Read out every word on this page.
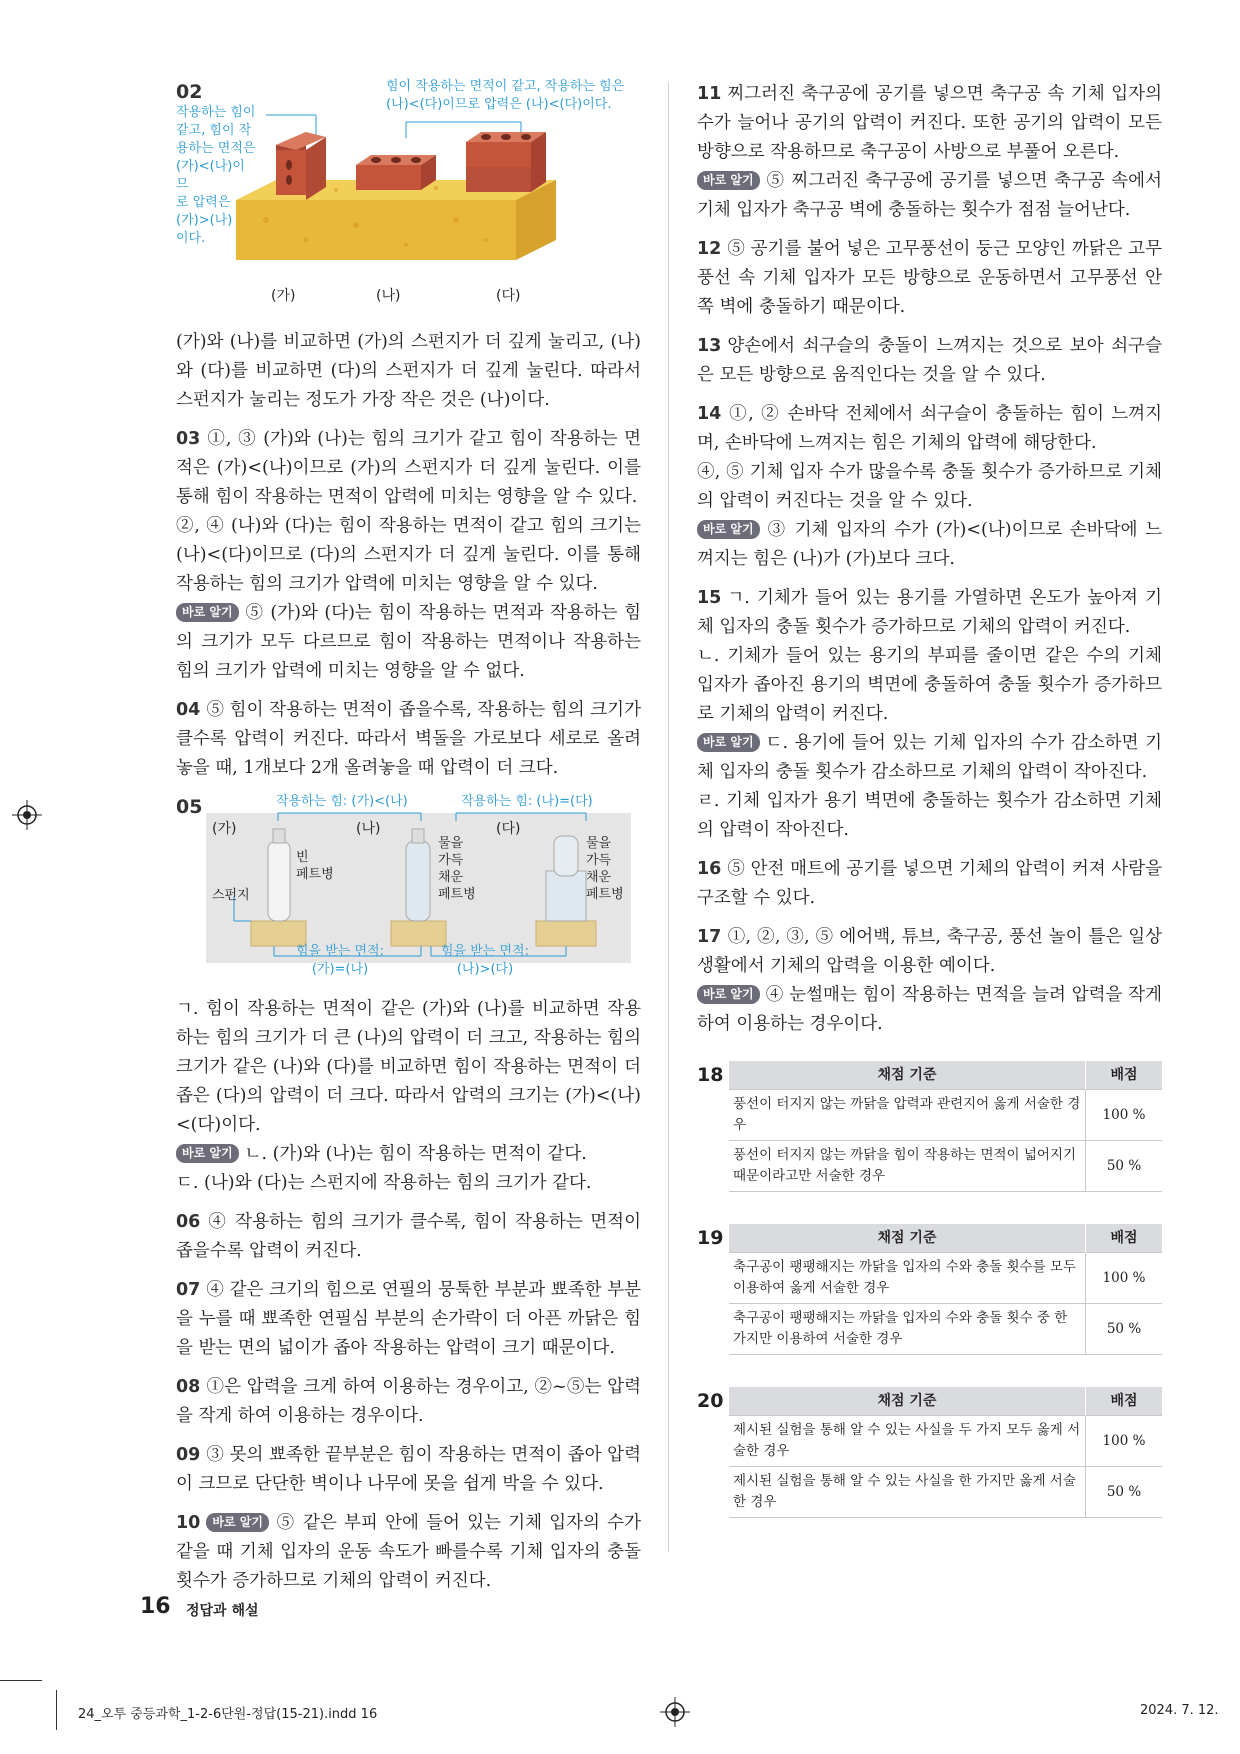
02
작용하는 힘이
같고, 힘이 작
용하는 면적은
(가)<(나)이므
로 압력은
(가)>(나)
이다.
힘이 작용하는 면적이 같고, 작용하는 힘은
(나)<(다)이므로 압력은 (나)<(다)이다.
(가)	(나)	(다)

(가)와 (나)를 비교하면 (가)의 스펀지가 더 깊게 눌리고, (나)와 (다)를 비교하면 (다)의 스펀지가 더 깊게 눌린다. 따라서 스펀지가 눌리는 정도가 가장 작은 것은 (나)이다.

03 ①, ③ (가)와 (나)는 힘의 크기가 같고 힘이 작용하는 면적은 (가)<(나)이므로 (가)의 스펀지가 더 깊게 눌린다. 이를 통해 힘이 작용하는 면적이 압력에 미치는 영향을 알 수 있다.

②, ④ (나)와 (다)는 힘이 작용하는 면적이 같고 힘의 크기는 (나)<(다)이므로 (다)의 스펀지가 더 깊게 눌린다. 이를 통해 작용하는 힘의 크기가 압력에 미치는 영향을 알 수 있다.

바로 알기 ⑤ (가)와 (다)는 힘이 작용하는 면적과 작용하는 힘의 크기가 모두 다르므로 힘이 작용하는 면적이나 작용하는 힘의 크기가 압력에 미치는 영향을 알 수 없다.

04 ⑤ 힘이 작용하는 면적이 좁을수록, 작용하는 힘의 크기가 클수록 압력이 커진다. 따라서 벽돌을 가로보다 세로로 올려놓을 때, 1개보다 2개 올려놓을 때 압력이 더 크다.

05	작용하는 힘: (가)<(나)	작용하는 힘: (나)=(다)
(가)	(나)	(다)
빈
페트병
스펀지
물을
가득
채운
페트병
물을
가득
채운
페트병
힘을 받는 면적:
(가)=(나)
힘을 받는 면적:
(나)>(다)

ㄱ. 힘이 작용하는 면적이 같은 (가)와 (나)를 비교하면 작용하는 힘의 크기가 더 큰 (나)의 압력이 더 크고, 작용하는 힘의 크기가 같은 (나)와 (다)를 비교하면 힘이 작용하는 면적이 더 좁은 (다)의 압력이 더 크다. 따라서 압력의 크기는 (가)<(나)<(다)이다.

바로 알기 ㄴ. (가)와 (나)는 힘이 작용하는 면적이 같다.

ㄷ. (나)와 (다)는 스펀지에 작용하는 힘의 크기가 같다.

06 ④ 작용하는 힘의 크기가 클수록, 힘이 작용하는 면적이 좁을수록 압력이 커진다.

07 ④ 같은 크기의 힘으로 연필의 뭉툭한 부분과 뾰족한 부분을 누를 때 뾰족한 연필심 부분의 손가락이 더 아픈 까닭은 힘을 받는 면의 넓이가 좁아 작용하는 압력이 크기 때문이다.

08 ①은 압력을 크게 하여 이용하는 경우이고, ②~⑤는 압력을 작게 하여 이용하는 경우이다.

09 ③ 못의 뾰족한 끝부분은 힘이 작용하는 면적이 좁아 압력이 크므로 단단한 벽이나 나무에 못을 쉽게 박을 수 있다.

10 바로 알기 ⑤ 같은 부피 안에 들어 있는 기체 입자의 수가 같을 때 기체 입자의 운동 속도가 빠를수록 기체 입자의 충돌 횟수가 증가하므로 기체의 압력이 커진다.

11 찌그러진 축구공에 공기를 넣으면 축구공 속 기체 입자의 수가 늘어나 공기의 압력이 커진다. 또한 공기의 압력이 모든 방향으로 작용하므로 축구공이 사방으로 부풀어 오른다.

바로 알기 ⑤ 찌그러진 축구공에 공기를 넣으면 축구공 속에서 기체 입자가 축구공 벽에 충돌하는 횟수가 점점 늘어난다.

12 ⑤ 공기를 불어 넣은 고무풍선이 둥근 모양인 까닭은 고무풍선 속 기체 입자가 모든 방향으로 운동하면서 고무풍선 안쪽 벽에 충돌하기 때문이다.

13 양손에서 쇠구슬의 충돌이 느껴지는 것으로 보아 쇠구슬은 모든 방향으로 움직인다는 것을 알 수 있다.

14 ①, ② 손바닥 전체에서 쇠구슬이 충돌하는 힘이 느껴지며, 손바닥에 느껴지는 힘은 기체의 압력에 해당한다.

④, ⑤ 기체 입자 수가 많을수록 충돌 횟수가 증가하므로 기체의 압력이 커진다는 것을 알 수 있다.

바로 알기 ③ 기체 입자의 수가 (가)<(나)이므로 손바닥에 느껴지는 힘은 (나)가 (가)보다 크다.

15 ㄱ. 기체가 들어 있는 용기를 가열하면 온도가 높아져 기체 입자의 충돌 횟수가 증가하므로 기체의 압력이 커진다.

ㄴ. 기체가 들어 있는 용기의 부피를 줄이면 같은 수의 기체 입자가 좁아진 용기의 벽면에 충돌하여 충돌 횟수가 증가하므로 기체의 압력이 커진다.

바로 알기 ㄷ. 용기에 들어 있는 기체 입자의 수가 감소하면 기체 입자의 충돌 횟수가 감소하므로 기체의 압력이 작아진다.

ㄹ. 기체 입자가 용기 벽면에 충돌하는 횟수가 감소하면 기체의 압력이 작아진다.

16 ⑤ 안전 매트에 공기를 넣으면 기체의 압력이 커져 사람을 구조할 수 있다.

17 ①, ②, ③, ⑤ 에어백, 튜브, 축구공, 풍선 놀이 틀은 일상생활에서 기체의 압력을 이용한 예이다.

바로 알기 ④ 눈썰매는 힘이 작용하는 면적을 늘려 압력을 작게 하여 이용하는 경우이다.

18	채점 기준	배점
풍선이 터지지 않는 까닭을 압력과 관련지어 옳게 서술한 경우	100 %
풍선이 터지지 않는 까닭을 힘이 작용하는 면적이 넓어지기 때문이라고만 서술한 경우	50 %
19	채점 기준	배점
축구공이 팽팽해지는 까닭을 입자의 수와 충돌 횟수를 모두 이용하여 옳게 서술한 경우	100 %
축구공이 팽팽해지는 까닭을 입자의 수와 충돌 횟수 중 한 가지만 이용하여 서술한 경우	50 %
20	채점 기준	배점
제시된 실험을 통해 알 수 있는 사실을 두 가지 모두 옳게 서술한 경우	100 %
제시된 실험을 통해 알 수 있는 사실을 한 가지만 옳게 서술한 경우	50 %
16 정답과 해설
24_오투 중등과학_1-2-6단원-정답(15-21).indd 16	2024. 7. 12.
